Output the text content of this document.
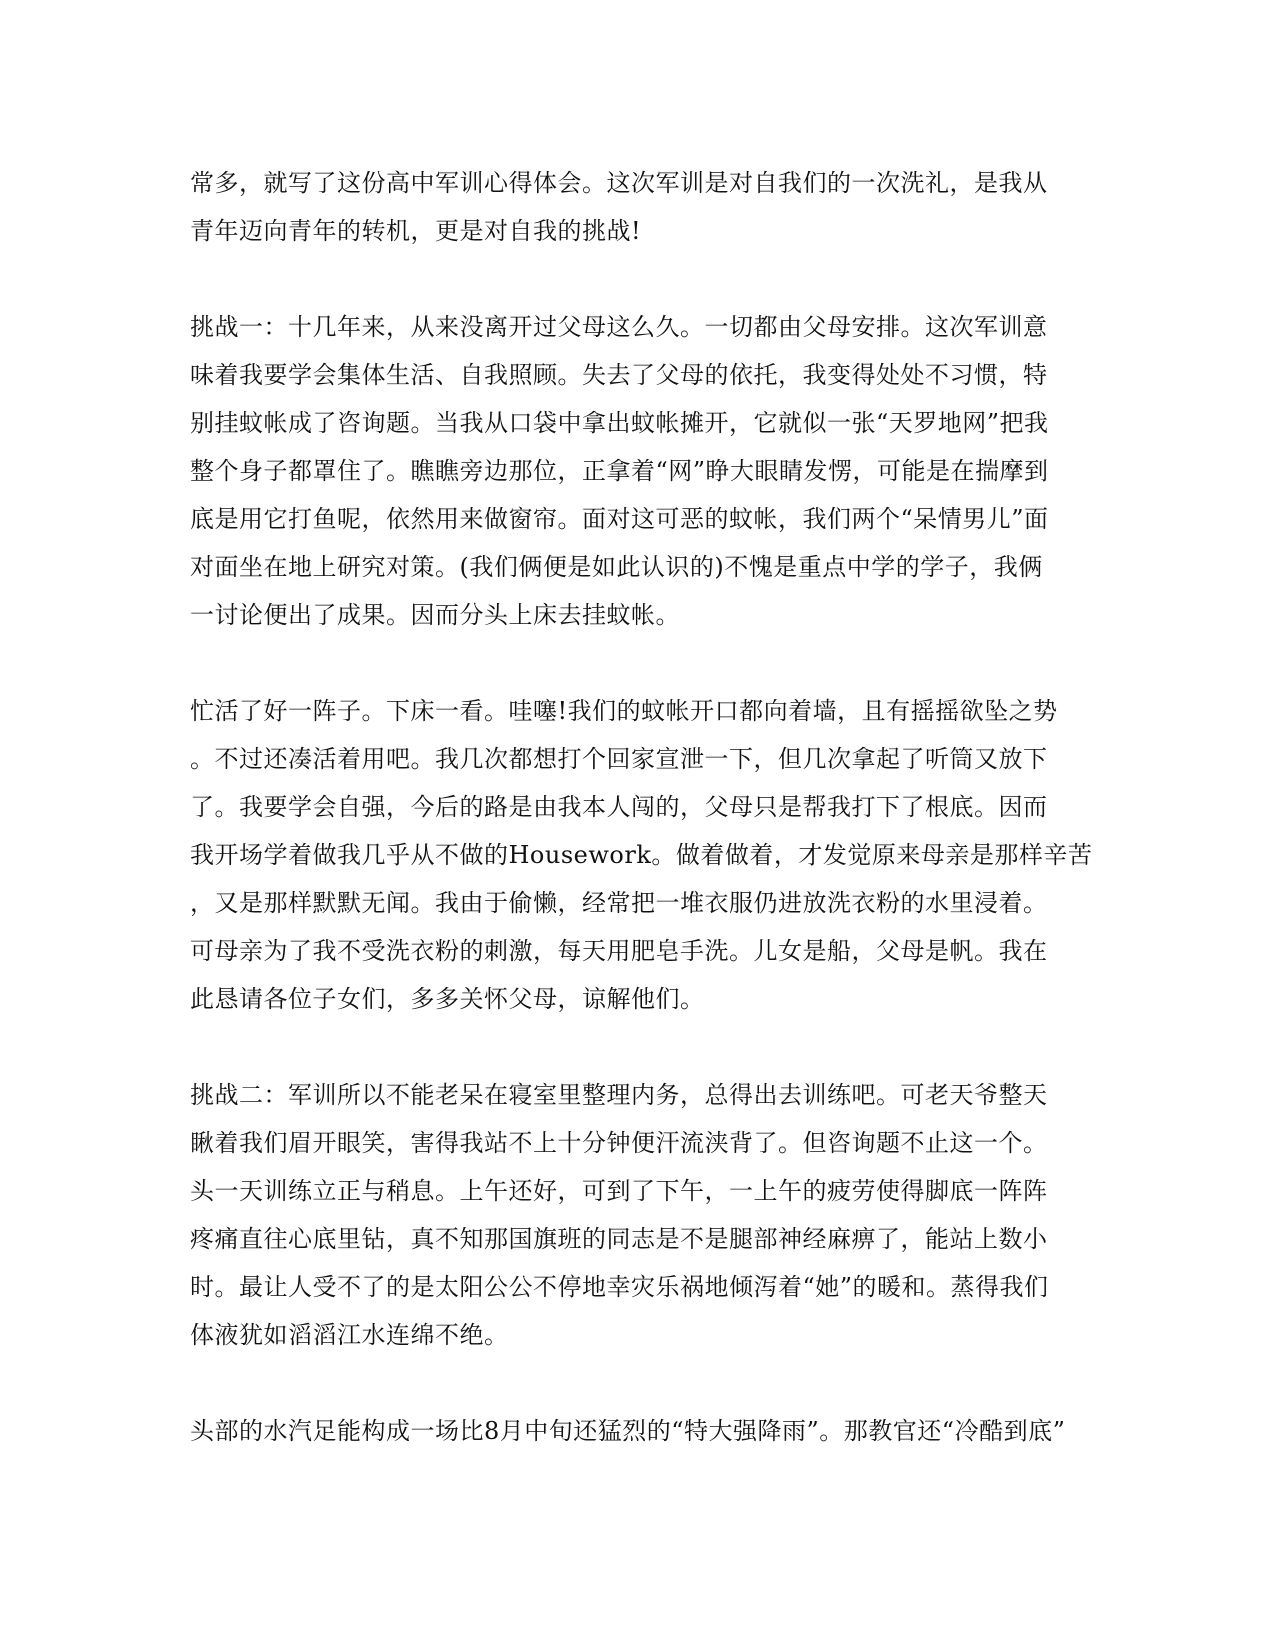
常多，就写了这份高中军训心得体会。这次军训是对自我们的一次洗礼，是我从
青年迈向青年的转机，更是对自我的挑战!
挑战一：十几年来，从来没离开过父母这么久。一切都由父母安排。这次军训意
味着我要学会集体生活、自我照顾。失去了父母的依托，我变得处处不习惯，特
别挂蚊帐成了咨询题。当我从口袋中拿出蚊帐摊开，它就似一张“天罗地网”把我
整个身子都罩住了。瞧瞧旁边那位，正拿着“网”睁大眼睛发愣，可能是在揣摩到
底是用它打鱼呢，依然用来做窗帘。面对这可恶的蚊帐，我们两个“呆情男儿”面
对面坐在地上研究对策。(我们俩便是如此认识的)不愧是重点中学的学子，我俩
一讨论便出了成果。因而分头上床去挂蚊帐。
忙活了好一阵子。下床一看。哇噻!我们的蚊帐开口都向着墙，且有摇摇欲坠之势
。不过还凑活着用吧。我几次都想打个回家宣泄一下，但几次拿起了听筒又放下
了。我要学会自强，今后的路是由我本人闯的，父母只是帮我打下了根底。因而
我开场学着做我几乎从不做的Housework。做着做着，才发觉原来母亲是那样辛苦
，又是那样默默无闻。我由于偷懒，经常把一堆衣服仍进放洗衣粉的水里浸着。
可母亲为了我不受洗衣粉的刺激，每天用肥皂手洗。儿女是船，父母是帆。我在
此恳请各位子女们，多多关怀父母，谅解他们。
挑战二：军训所以不能老呆在寝室里整理内务，总得出去训练吧。可老天爷整天
瞅着我们眉开眼笑，害得我站不上十分钟便汗流浃背了。但咨询题不止这一个。
头一天训练立正与稍息。上午还好，可到了下午，一上午的疲劳使得脚底一阵阵
疼痛直往心底里钻，真不知那国旗班的同志是不是腿部神经麻痹了，能站上数小
时。最让人受不了的是太阳公公不停地幸灾乐祸地倾泻着“她”的暖和。蒸得我们
体液犹如滔滔江水连绵不绝。
头部的水汽足能构成一场比8月中旬还猛烈的“特大强降雨”。那教官还“冷酷到底”
